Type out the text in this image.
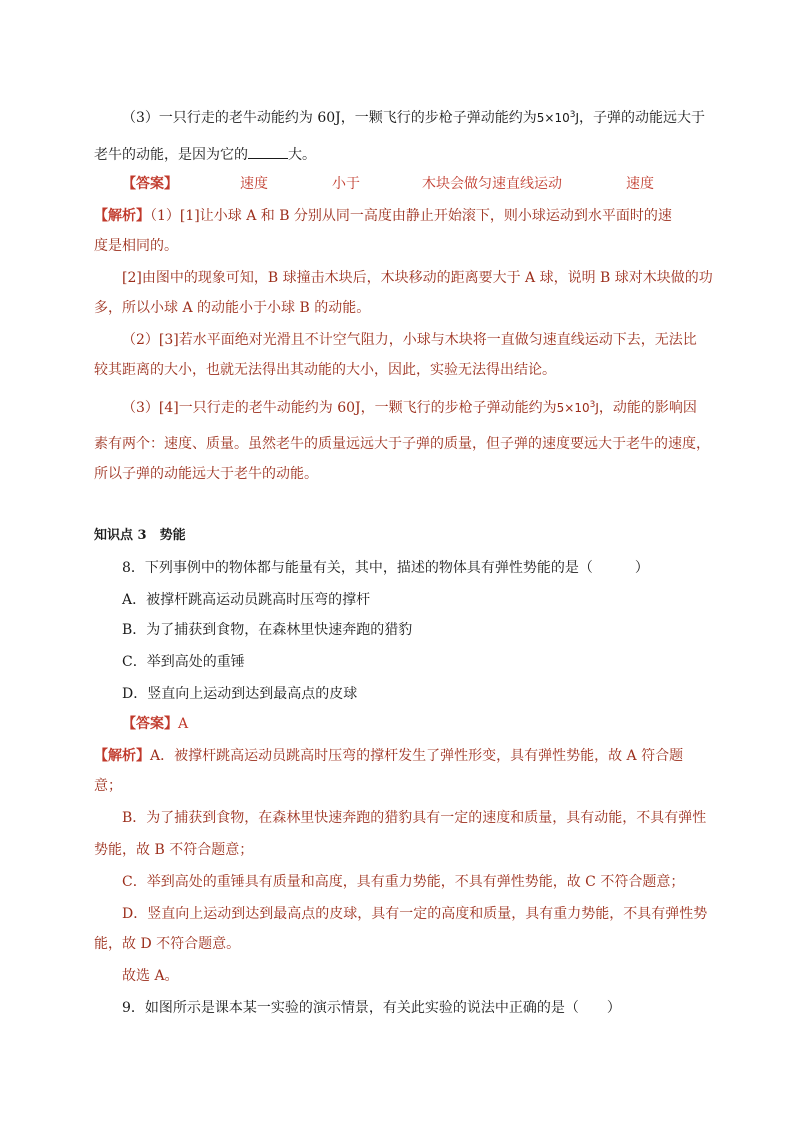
（3）一只行走的老牛动能约为 60J，一颗飞行的步枪子弹动能约为$5\times 10^3J$，子弹的动能远大于
老牛的动能，是因为它的	大。
【答案】	速度	小于	木块会做匀速直线运动	速度
【解析】（1）[1]让小球 A 和 B 分别从同一高度由静止开始滚下，则小球运动到水平面时的速
度是相同的。
[2]由图中的现象可知，B 球撞击木块后，木块移动的距离要大于 A 球，说明 B 球对木块做的功
多，所以小球 A 的动能小于小球 B 的动能。
（2）[3]若水平面绝对光滑且不计空气阻力，小球与木块将一直做匀速直线运动下去，无法比
较其距离的大小，也就无法得出其动能的大小，因此，实验无法得出结论。
（3）[4]一只行走的老牛动能约为 60J，一颗飞行的步枪子弹动能约为$5\times 10^3J$，动能的影响因
素有两个：速度、质量。虽然老牛的质量远远大于子弹的质量，但子弹的速度要远大于老牛的速度，
所以子弹的动能远大于老牛的动能。
知识点 3　势能
8．下列事例中的物体都与能量有关，其中，描述的物体具有弹性势能的是（　　　）
A．被撑杆跳高运动员跳高时压弯的撑杆
B．为了捕获到食物，在森林里快速奔跑的猎豹
C．举到高处的重锤
D．竖直向上运动到达到最高点的皮球
【答案】A
【解析】A．被撑杆跳高运动员跳高时压弯的撑杆发生了弹性形变，具有弹性势能，故 A 符合题
意；
B．为了捕获到食物，在森林里快速奔跑的猎豹具有一定的速度和质量，具有动能，不具有弹性
势能，故 B 不符合题意；
C．举到高处的重锤具有质量和高度，具有重力势能，不具有弹性势能，故 C 不符合题意；
D．竖直向上运动到达到最高点的皮球，具有一定的高度和质量，具有重力势能，不具有弹性势
能，故 D 不符合题意。
故选 A。
9．如图所示是课本某一实验的演示情景，有关此实验的说法中正确的是（　　）
